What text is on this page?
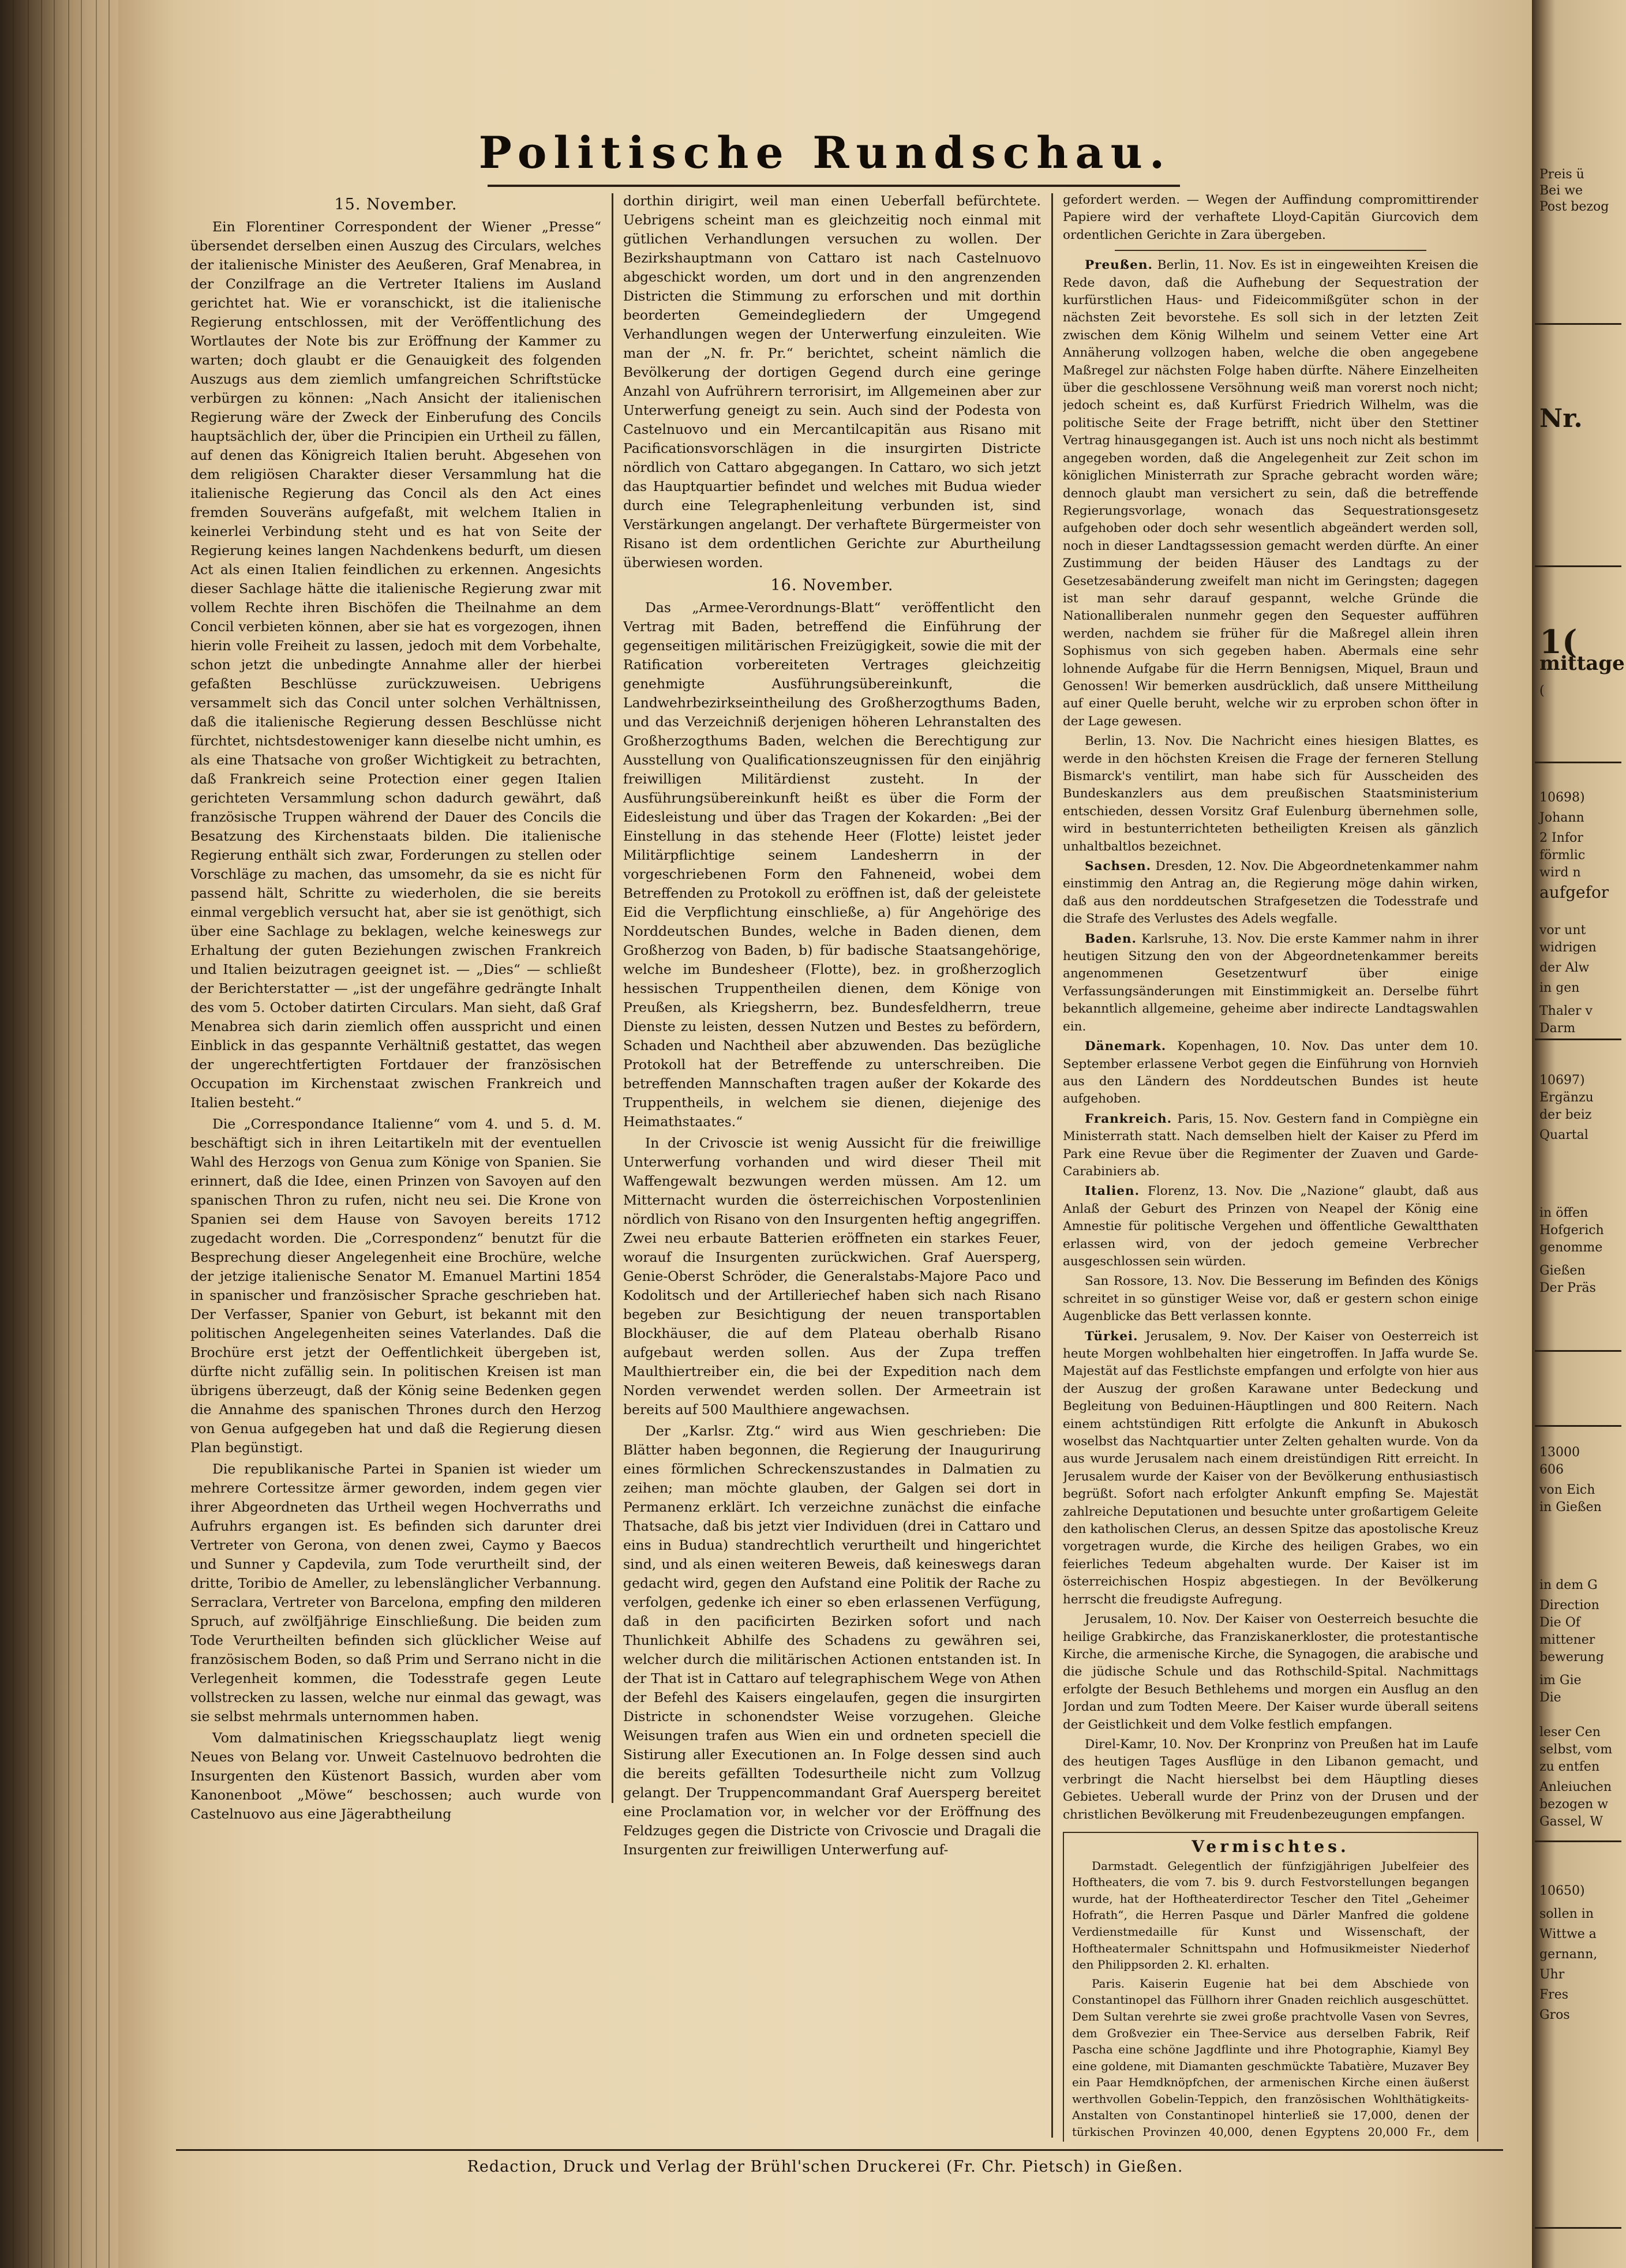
Politische Rundschau.

15. November.

Ein Florentiner Correspondent der Wiener „Presse“ übersendet derselben einen Auszug des Circulars, welches der italienische Minister des Aeußeren, Graf Menabrea, in der Conzilfrage an die Vertreter Italiens im Ausland gerichtet hat. Wie er voranschickt, ist die italienische Regierung entschlossen, mit der Veröffentlichung des Wortlautes der Note bis zur Eröffnung der Kammer zu warten; doch glaubt er die Genauigkeit des folgenden Auszugs aus dem ziemlich umfangreichen Schriftstücke verbürgen zu können: „Nach Ansicht der italienischen Regierung wäre der Zweck der Einberufung des Concils hauptsächlich der, über die Principien ein Urtheil zu fällen, auf denen das Königreich Italien beruht. Abgesehen von dem religiösen Charakter dieser Versammlung hat die italienische Regierung das Concil als den Act eines fremden Souveräns aufgefaßt, mit welchem Italien in keinerlei Verbindung steht und es hat von Seite der Regierung keines langen Nachdenkens bedurft, um diesen Act als einen Italien feindlichen zu erkennen. Angesichts dieser Sachlage hätte die italienische Regierung zwar mit vollem Rechte ihren Bischöfen die Theilnahme an dem Concil verbieten können, aber sie hat es vorgezogen, ihnen hierin volle Freiheit zu lassen, jedoch mit dem Vorbehalte, schon jetzt die unbedingte Annahme aller der hierbei gefaßten Beschlüsse zurückzuweisen. Uebrigens versammelt sich das Concil unter solchen Verhältnissen, daß die italienische Regierung dessen Beschlüsse nicht fürchtet, nichtsdestoweniger kann dieselbe nicht umhin, es als eine Thatsache von großer Wichtigkeit zu betrachten, daß Frankreich seine Protection einer gegen Italien gerichteten Versammlung schon dadurch gewährt, daß französische Truppen während der Dauer des Concils die Besatzung des Kirchenstaats bilden. Die italienische Regierung enthält sich zwar, Forderungen zu stellen oder Vorschläge zu machen, das umsomehr, da sie es nicht für passend hält, Schritte zu wiederholen, die sie bereits einmal vergeblich versucht hat, aber sie ist genöthigt, sich über eine Sachlage zu beklagen, welche keineswegs zur Erhaltung der guten Beziehungen zwischen Frankreich und Italien beizutragen geeignet ist. — „Dies“ — schließt der Berichterstatter — „ist der ungefähre gedrängte Inhalt des vom 5. October datirten Circulars. Man sieht, daß Graf Menabrea sich darin ziemlich offen ausspricht und einen Einblick in das gespannte Verhältniß gestattet, das wegen der ungerechtfertigten Fortdauer der französischen Occupation im Kirchenstaat zwischen Frankreich und Italien besteht.“

Die „Correspondance Italienne“ vom 4. und 5. d. M. beschäftigt sich in ihren Leitartikeln mit der eventuellen Wahl des Herzogs von Genua zum Könige von Spanien. Sie erinnert, daß die Idee, einen Prinzen von Savoyen auf den spanischen Thron zu rufen, nicht neu sei. Die Krone von Spanien sei dem Hause von Savoyen bereits 1712 zugedacht worden. Die „Correspondenz“ benutzt für die Besprechung dieser Angelegenheit eine Brochüre, welche der jetzige italienische Senator M. Emanuel Martini 1854 in spanischer und französischer Sprache geschrieben hat. Der Verfasser, Spanier von Geburt, ist bekannt mit den politischen Angelegenheiten seines Vaterlandes. Daß die Brochüre erst jetzt der Oeffentlichkeit übergeben ist, dürfte nicht zufällig sein. In politischen Kreisen ist man übrigens überzeugt, daß der König seine Bedenken gegen die Annahme des spanischen Thrones durch den Herzog von Genua aufgegeben hat und daß die Regierung diesen Plan begünstigt.

Die republikanische Partei in Spanien ist wieder um mehrere Cortessitze ärmer geworden, indem gegen vier ihrer Abgeordneten das Urtheil wegen Hochverraths und Aufruhrs ergangen ist. Es befinden sich darunter drei Vertreter von Gerona, von denen zwei, Caymo y Baecos und Sunner y Capdevila, zum Tode verurtheilt sind, der dritte, Toribio de Ameller, zu lebenslänglicher Verbannung. Serraclara, Vertreter von Barcelona, empfing den milderen Spruch, auf zwölfjährige Einschließung. Die beiden zum Tode Verurtheilten befinden sich glücklicher Weise auf französischem Boden, so daß Prim und Serrano nicht in die Verlegenheit kommen, die Todesstrafe gegen Leute vollstrecken zu lassen, welche nur einmal das gewagt, was sie selbst mehrmals unternommen haben.

Vom dalmatinischen Kriegsschauplatz liegt wenig Neues von Belang vor. Unweit Castelnuovo bedrohten die Insurgenten den Küstenort Bassich, wurden aber vom Kanonenboot „Möwe“ beschossen; auch wurde von Castelnuovo aus eine Jägerabtheilung

dorthin dirigirt, weil man einen Ueberfall befürchtete. Uebrigens scheint man es gleichzeitig noch einmal mit gütlichen Verhandlungen versuchen zu wollen. Der Bezirkshauptmann von Cattaro ist nach Castelnuovo abgeschickt worden, um dort und in den angrenzenden Districten die Stimmung zu erforschen und mit dorthin beorderten Gemeindegliedern der Umgegend Verhandlungen wegen der Unterwerfung einzuleiten. Wie man der „N. fr. Pr.“ berichtet, scheint nämlich die Bevölkerung der dortigen Gegend durch eine geringe Anzahl von Aufrührern terrorisirt, im Allgemeinen aber zur Unterwerfung geneigt zu sein. Auch sind der Podesta von Castelnuovo und ein Mercantilcapitän aus Risano mit Pacificationsvorschlägen in die insurgirten Districte nördlich von Cattaro abgegangen. In Cattaro, wo sich jetzt das Hauptquartier befindet und welches mit Budua wieder durch eine Telegraphenleitung verbunden ist, sind Verstärkungen angelangt. Der verhaftete Bürgermeister von Risano ist dem ordentlichen Gerichte zur Aburtheilung überwiesen worden.

16. November.

Das „Armee-Verordnungs-Blatt“ veröffentlicht den Vertrag mit Baden, betreffend die Einführung der gegenseitigen militärischen Freizügigkeit, sowie die mit der Ratification vorbereiteten Vertrages gleichzeitig genehmigte Ausführungsübereinkunft, die Landwehrbezirkseintheilung des Großherzogthums Baden, und das Verzeichniß derjenigen höheren Lehranstalten des Großherzogthums Baden, welchen die Berechtigung zur Ausstellung von Qualificationszeugnissen für den einjährig freiwilligen Militärdienst zusteht. In der Ausführungsübereinkunft heißt es über die Form der Eidesleistung und über das Tragen der Kokarden: „Bei der Einstellung in das stehende Heer (Flotte) leistet jeder Militärpflichtige seinem Landesherrn in der vorgeschriebenen Form den Fahneneid, wobei dem Betreffenden zu Protokoll zu eröffnen ist, daß der geleistete Eid die Verpflichtung einschließe, a) für Angehörige des Norddeutschen Bundes, welche in Baden dienen, dem Großherzog von Baden, b) für badische Staatsangehörige, welche im Bundesheer (Flotte), bez. in großherzoglich hessischen Truppentheilen dienen, dem Könige von Preußen, als Kriegsherrn, bez. Bundesfeldherrn, treue Dienste zu leisten, dessen Nutzen und Bestes zu befördern, Schaden und Nachtheil aber abzuwenden. Das bezügliche Protokoll hat der Betreffende zu unterschreiben. Die betreffenden Mannschaften tragen außer der Kokarde des Truppentheils, in welchem sie dienen, diejenige des Heimathstaates.“

In der Crivoscie ist wenig Aussicht für die freiwillige Unterwerfung vorhanden und wird dieser Theil mit Waffengewalt bezwungen werden müssen. Am 12. um Mitternacht wurden die österreichischen Vorpostenlinien nördlich von Risano von den Insurgenten heftig angegriffen. Zwei neu erbaute Batterien eröffneten ein starkes Feuer, worauf die Insurgenten zurückwichen. Graf Auersperg, Genie-Oberst Schröder, die Generalstabs-Majore Paco und Kodolitsch und der Artilleriechef haben sich nach Risano begeben zur Besichtigung der neuen transportablen Blockhäuser, die auf dem Plateau oberhalb Risano aufgebaut werden sollen. Aus der Zupa treffen Maulthiertreiber ein, die bei der Expedition nach dem Norden verwendet werden sollen. Der Armeetrain ist bereits auf 500 Maulthiere angewachsen.

Der „Karlsr. Ztg.“ wird aus Wien geschrieben: Die Blätter haben begonnen, die Regierung der Inaugurirung eines förmlichen Schreckenszustandes in Dalmatien zu zeihen; man möchte glauben, der Galgen sei dort in Permanenz erklärt. Ich verzeichne zunächst die einfache Thatsache, daß bis jetzt vier Individuen (drei in Cattaro und eins in Budua) standrechtlich verurtheilt und hingerichtet sind, und als einen weiteren Beweis, daß keineswegs daran gedacht wird, gegen den Aufstand eine Politik der Rache zu verfolgen, gedenke ich einer so eben erlassenen Verfügung, daß in den pacificirten Bezirken sofort und nach Thunlichkeit Abhilfe des Schadens zu gewähren sei, welcher durch die militärischen Actionen entstanden ist. In der That ist in Cattaro auf telegraphischem Wege von Athen der Befehl des Kaisers eingelaufen, gegen die insurgirten Districte in schonendster Weise vorzugehen. Gleiche Weisungen trafen aus Wien ein und ordneten speciell die Sistirung aller Executionen an. In Folge dessen sind auch die bereits gefällten Todesurtheile nicht zum Vollzug gelangt. Der Truppencommandant Graf Auersperg bereitet eine Proclamation vor, in welcher vor der Eröffnung des Feldzuges gegen die Districte von Crivoscie und Dragali die Insurgenten zur freiwilligen Unterwerfung auf-

gefordert werden. — Wegen der Auffindung compromittirender Papiere wird der verhaftete Lloyd-Capitän Giurcovich dem ordentlichen Gerichte in Zara übergeben.

Preußen. Berlin, 11. Nov. Es ist in eingeweihten Kreisen die Rede davon, daß die Aufhebung der Sequestration der kurfürstlichen Haus- und Fideicommißgüter schon in der nächsten Zeit bevorstehe. Es soll sich in der letzten Zeit zwischen dem König Wilhelm und seinem Vetter eine Art Annäherung vollzogen haben, welche die oben angegebene Maßregel zur nächsten Folge haben dürfte. Nähere Einzelheiten über die geschlossene Versöhnung weiß man vorerst noch nicht; jedoch scheint es, daß Kurfürst Friedrich Wilhelm, was die politische Seite der Frage betrifft, nicht über den Stettiner Vertrag hinausgegangen ist. Auch ist uns noch nicht als bestimmt angegeben worden, daß die Angelegenheit zur Zeit schon im königlichen Ministerrath zur Sprache gebracht worden wäre; dennoch glaubt man versichert zu sein, daß die betreffende Regierungsvorlage, wonach das Sequestrationsgesetz aufgehoben oder doch sehr wesentlich abgeändert werden soll, noch in dieser Landtagssession gemacht werden dürfte. An einer Zustimmung der beiden Häuser des Landtags zu der Gesetzesabänderung zweifelt man nicht im Geringsten; dagegen ist man sehr darauf gespannt, welche Gründe die Nationalliberalen nunmehr gegen den Sequester aufführen werden, nachdem sie früher für die Maßregel allein ihren Sophismus von sich gegeben haben. Abermals eine sehr lohnende Aufgabe für die Herrn Bennigsen, Miquel, Braun und Genossen! Wir bemerken ausdrücklich, daß unsere Mittheilung auf einer Quelle beruht, welche wir zu erproben schon öfter in der Lage gewesen.

Berlin, 13. Nov. Die Nachricht eines hiesigen Blattes, es werde in den höchsten Kreisen die Frage der ferneren Stellung Bismarck's ventilirt, man habe sich für Ausscheiden des Bundeskanzlers aus dem preußischen Staatsministerium entschieden, dessen Vorsitz Graf Eulenburg übernehmen solle, wird in bestunterrichteten betheiligten Kreisen als gänzlich unhaltbaltlos bezeichnet.

Sachsen. Dresden, 12. Nov. Die Abgeordnetenkammer nahm einstimmig den Antrag an, die Regierung möge dahin wirken, daß aus den norddeutschen Strafgesetzen die Todesstrafe und die Strafe des Verlustes des Adels wegfalle.

Baden. Karlsruhe, 13. Nov. Die erste Kammer nahm in ihrer heutigen Sitzung den von der Abgeordnetenkammer bereits angenommenen Gesetzentwurf über einige Verfassungsänderungen mit Einstimmigkeit an. Derselbe führt bekanntlich allgemeine, geheime aber indirecte Landtagswahlen ein.

Dänemark. Kopenhagen, 10. Nov. Das unter dem 10. September erlassene Verbot gegen die Einführung von Hornvieh aus den Ländern des Norddeutschen Bundes ist heute aufgehoben.

Frankreich. Paris, 15. Nov. Gestern fand in Compiègne ein Ministerrath statt. Nach demselben hielt der Kaiser zu Pferd im Park eine Revue über die Regimenter der Zuaven und Garde-Carabiniers ab.

Italien. Florenz, 13. Nov. Die „Nazione“ glaubt, daß aus Anlaß der Geburt des Prinzen von Neapel der König eine Amnestie für politische Vergehen und öffentliche Gewaltthaten erlassen wird, von der jedoch gemeine Verbrecher ausgeschlossen sein würden.

San Rossore, 13. Nov. Die Besserung im Befinden des Königs schreitet in so günstiger Weise vor, daß er gestern schon einige Augenblicke das Bett verlassen konnte.

Türkei. Jerusalem, 9. Nov. Der Kaiser von Oesterreich ist heute Morgen wohlbehalten hier eingetroffen. In Jaffa wurde Se. Majestät auf das Festlichste empfangen und erfolgte von hier aus der Auszug der großen Karawane unter Bedeckung und Begleitung von Beduinen-Häuptlingen und 800 Reitern. Nach einem achtstündigen Ritt erfolgte die Ankunft in Abukosch woselbst das Nachtquartier unter Zelten gehalten wurde. Von da aus wurde Jerusalem nach einem dreistündigen Ritt erreicht. In Jerusalem wurde der Kaiser von der Bevölkerung enthusiastisch begrüßt. Sofort nach erfolgter Ankunft empfing Se. Majestät zahlreiche Deputationen und besuchte unter großartigem Geleite den katholischen Clerus, an dessen Spitze das apostolische Kreuz vorgetragen wurde, die Kirche des heiligen Grabes, wo ein feierliches Tedeum abgehalten wurde. Der Kaiser ist im österreichischen Hospiz abgestiegen. In der Bevölkerung herrscht die freudigste Aufregung.

Jerusalem, 10. Nov. Der Kaiser von Oesterreich besuchte die heilige Grabkirche, das Franziskanerkloster, die protestantische Kirche, die armenische Kirche, die Synagogen, die arabische und die jüdische Schule und das Rothschild-Spital. Nachmittags erfolgte der Besuch Bethlehems und morgen ein Ausflug an den Jordan und zum Todten Meere. Der Kaiser wurde überall seitens der Geistlichkeit und dem Volke festlich empfangen.

Direl-Kamr, 10. Nov. Der Kronprinz von Preußen hat im Laufe des heutigen Tages Ausflüge in den Libanon gemacht, und verbringt die Nacht hierselbst bei dem Häuptling dieses Gebietes. Ueberall wurde der Prinz von der Drusen und der christlichen Bevölkerung mit Freudenbezeugungen empfangen.

Vermischtes.

Darmstadt. Gelegentlich der fünfzigjährigen Jubelfeier des Hoftheaters, die vom 7. bis 9. durch Festvorstellungen begangen wurde, hat der Hoftheaterdirector Tescher den Titel „Geheimer Hofrath“, die Herren Pasque und Därler Manfred die goldene Verdienstmedaille für Kunst und Wissenschaft, der Hoftheatermaler Schnittspahn und Hofmusikmeister Niederhof den Philippsorden 2. Kl. erhalten.

Paris. Kaiserin Eugenie hat bei dem Abschiede von Constantinopel das Füllhorn ihrer Gnaden reichlich ausgeschüttet. Dem Sultan verehrte sie zwei große prachtvolle Vasen von Sevres, dem Großvezier ein Thee-Service aus derselben Fabrik, Reif Pascha eine schöne Jagdflinte und ihre Photographie, Kiamyl Bey eine goldene, mit Diamanten geschmückte Tabatière, Muzaver Bey ein Paar Hemdknöpfchen, der armenischen Kirche einen äußerst werthvollen Gobelin-Teppich, den französischen Wohlthätigkeits-Anstalten von Constantinopel hinterließ sie 17,000, denen der türkischen Provinzen 40,000, denen Egyptens 20,000 Fr., dem

Redaction, Druck und Verlag der Brühl'schen Druckerei (Fr. Chr. Pietsch) in Gießen.
Preis ü
Bei we
Post bezog
Nr.
1(
mittage
(
10698)
Johann
2 Infor
förmlic
wird n
aufgefor
vor unt
widrigen
der Alw
in gen
Thaler v
Darm
10697)
Ergänzu
der beiz
Quartal
in öffen
Hofgerich
genomme
Gießen
Der Präs
13000
606
von Eich
in Gießen
in dem G
Direction
Die Of
mittener
bewerung
im Gie
Die
leser Cen
selbst, vom
zu entfen
Anleiuchen
bezogen w
Gassel, W
10650)
sollen in
Wittwe a
gernann,
Uhr
Fres
Gros
